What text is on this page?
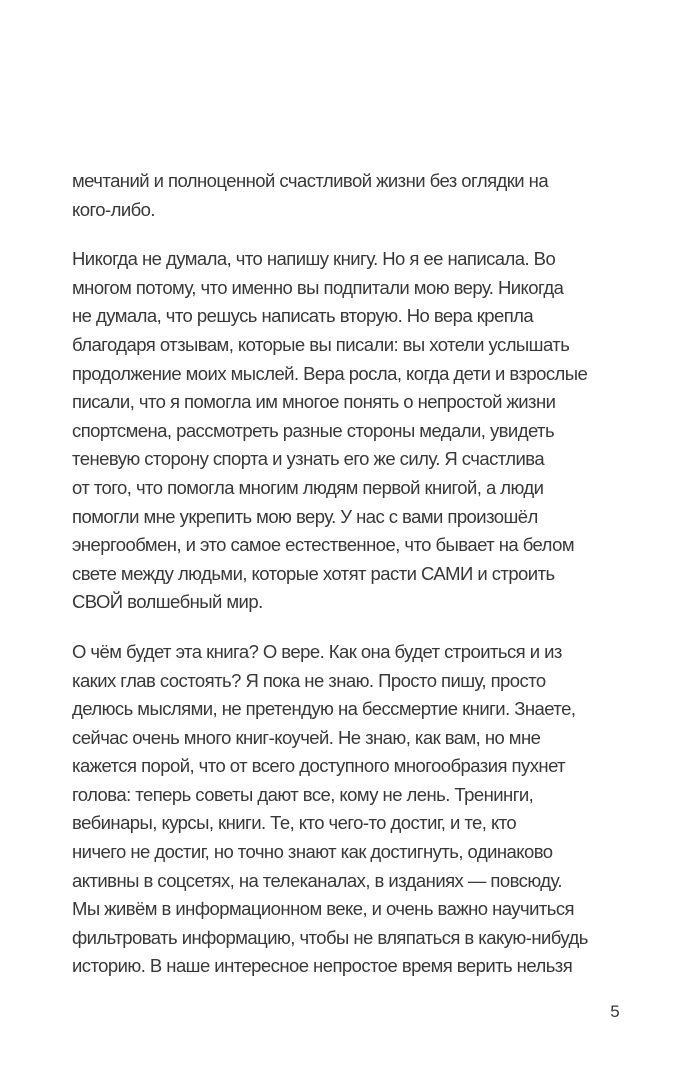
мечтаний и полноценной счастливой жизни без оглядки на
кого-либо.
Никогда не думала, что напишу книгу. Но я ее написала. Во
многом потому, что именно вы подпитали мою веру. Никогда
не думала, что решусь написать вторую. Но вера крепла
благодаря отзывам, которые вы писали: вы хотели услышать
продолжение моих мыслей. Вера росла, когда дети и взрослые
писали, что я помогла им многое понять о непростой жизни
спортсмена, рассмотреть разные стороны медали, увидеть
теневую сторону спорта и узнать его же силу. Я счастлива
от того, что помогла многим людям первой книгой, а люди
помогли мне укрепить мою веру. У нас с вами произошёл
энергообмен, и это самое естественное, что бывает на белом
свете между людьми, которые хотят расти САМИ и строить
СВОЙ волшебный мир.
О чём будет эта книга? О вере. Как она будет строиться и из
каких глав состоять? Я пока не знаю. Просто пишу, просто
делюсь мыслями, не претендую на бессмертие книги. Знаете,
сейчас очень много книг-коучей. Не знаю, как вам, но мне
кажется порой, что от всего доступного многообразия пухнет
голова: теперь советы дают все, кому не лень. Тренинги,
вебинары, курсы, книги. Те, кто чего-то достиг, и те, кто
ничего не достиг, но точно знают как достигнуть, одинаково
активны в соцсетях, на телеканалах, в изданиях — повсюду.
Мы живём в информационном веке, и очень важно научиться
фильтровать информацию, чтобы не вляпаться в какую-нибудь
историю. В наше интересное непростое время верить нельзя
5
